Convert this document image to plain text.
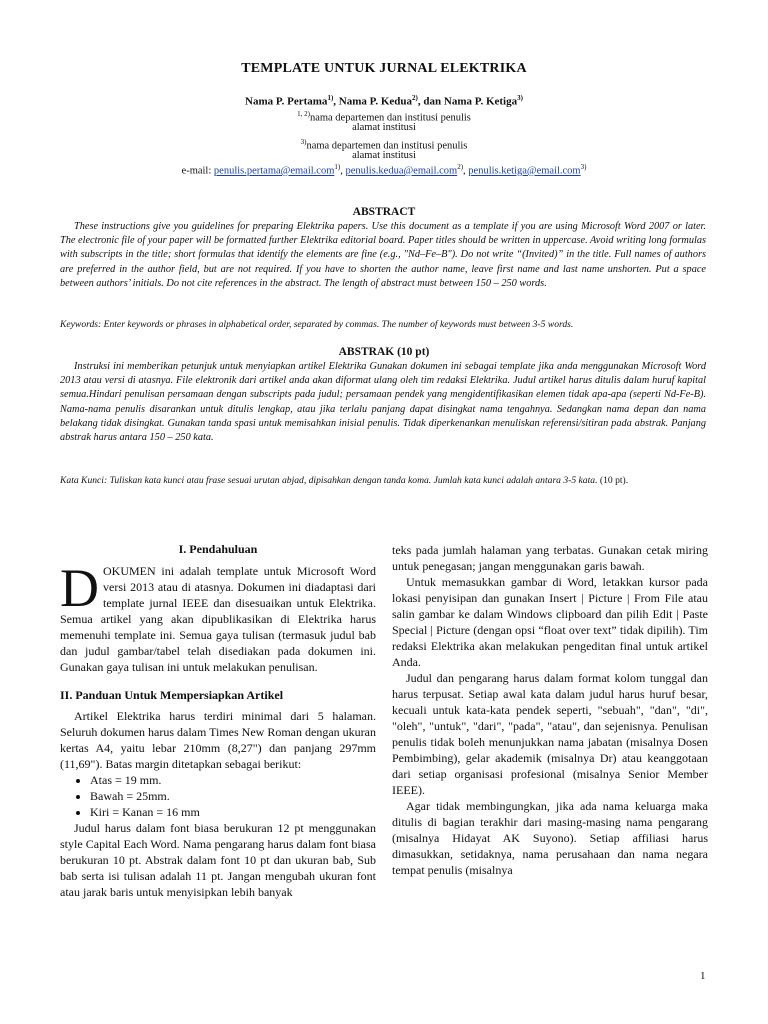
TEMPLATE UNTUK JURNAL ELEKTRIKA
Nama P. Pertama$^{1)}$, Nama P. Kedua$^{2)}$, dan Nama P. Ketiga$^{3)}$
$^{1, 2)}$nama departemen dan institusi penulis
alamat institusi
$^{3)}$nama departemen dan institusi penulis
alamat institusi
e-mail: penulis.pertama@email.com$^{1)}$, penulis.kedua@email.com$^{2)}$, penulis.ketiga@email.com$^{3)}$
ABSTRACT
These instructions give you guidelines for preparing Elektrika papers. Use this document as a template if you are using Microsoft Word 2007 or later. The electronic file of your paper will be formatted further Elektrika editorial board. Paper titles should be written in uppercase. Avoid writing long formulas with subscripts in the title; short formulas that identify the elements are fine (e.g., "Nd–Fe–B"). Do not write “(Invited)” in the title. Full names of authors are preferred in the author field, but are not required. If you have to shorten the author name, leave first name and last name unshorten. Put a space between authors’ initials. Do not cite references in the abstract. The length of abstract must between 150 – 250 words.
Keywords: Enter keywords or phrases in alphabetical order, separated by commas. The number of keywords must between 3-5 words.
ABSTRAK (10 pt)
Instruksi ini memberikan petunjuk untuk menyiapkan artikel Elektrika Gunakan dokumen ini sebagai template jika anda menggunakan Microsoft Word 2013 atau versi di atasnya. File elektronik dari artikel anda akan diformat ulang oleh tim redaksi Elektrika. Judul artikel harus ditulis dalam huruf kapital semua.Hindari penulisan persamaan dengan subscripts pada judul; persamaan pendek yang mengidentifikasikan elemen tidak apa-apa (seperti Nd-Fe-B). Nama-nama penulis disarankan untuk ditulis lengkap, atau jika terlalu panjang dapat disingkat nama tengahnya. Sedangkan nama depan dan nama belakang tidak disingkat. Gunakan tanda spasi untuk memisahkan inisial penulis. Tidak diperkenankan menuliskan referensi/sitiran pada abstrak. Panjang abstrak harus antara 150 – 250 kata.
Kata Kunci: Tuliskan kata kunci atau frase sesuai urutan abjad, dipisahkan dengan tanda koma. Jumlah kata kunci adalah antara 3-5 kata. (10 pt).
I. Pendahuluan

DOKUMEN ini adalah template untuk Microsoft Word versi 2013 atau di atasnya. Dokumen ini diadaptasi dari template jurnal IEEE dan disesuaikan untuk Elektrika. Semua artikel yang akan dipublikasikan di Elektrika harus memenuhi template ini. Semua gaya tulisan (termasuk judul bab dan judul gambar/tabel telah disediakan pada dokumen ini. Gunakan gaya tulisan ini untuk melakukan penulisan.

II. Panduan Untuk Mempersiapkan Artikel

Artikel Elektrika harus terdiri minimal dari 5 halaman. Seluruh dokumen harus dalam Times New Roman dengan ukuran kertas A4, yaitu lebar 210mm (8,27") dan panjang 297mm (11,69"). Batas margin ditetapkan sebagai berikut:

• Atas = 19 mm.
• Bawah = 25mm.
• Kiri = Kanan = 16 mm

Judul harus dalam font biasa berukuran 12 pt menggunakan style Capital Each Word. Nama pengarang harus dalam font biasa berukuran 10 pt. Abstrak dalam font 10 pt dan ukuran bab, Sub bab serta isi tulisan adalah 11 pt. Jangan mengubah ukuran font atau jarak baris untuk menyisipkan lebih banyak

teks pada jumlah halaman yang terbatas. Gunakan cetak miring untuk penegasan; jangan menggunakan garis bawah.

Untuk memasukkan gambar di Word, letakkan kursor pada lokasi penyisipan dan gunakan Insert | Picture | From File atau salin gambar ke dalam Windows clipboard dan pilih Edit | Paste Special | Picture (dengan opsi “float over text” tidak dipilih). Tim redaksi Elektrika akan melakukan pengeditan final untuk artikel Anda.

Judul dan pengarang harus dalam format kolom tunggal dan harus terpusat. Setiap awal kata dalam judul harus huruf besar, kecuali untuk kata-kata pendek seperti, "sebuah", "dan", "di", "oleh", "untuk", "dari", "pada", "atau", dan sejenisnya. Penulisan penulis tidak boleh menunjukkan nama jabatan (misalnya Dosen Pembimbing), gelar akademik (misalnya Dr) atau keanggotaan dari setiap organisasi profesional (misalnya Senior Member IEEE).

Agar tidak membingungkan, jika ada nama keluarga maka ditulis di bagian terakhir dari masing-masing nama pengarang (misalnya Hidayat AK Suyono). Setiap affiliasi harus dimasukkan, setidaknya, nama perusahaan dan nama negara tempat penulis (misalnya

1
